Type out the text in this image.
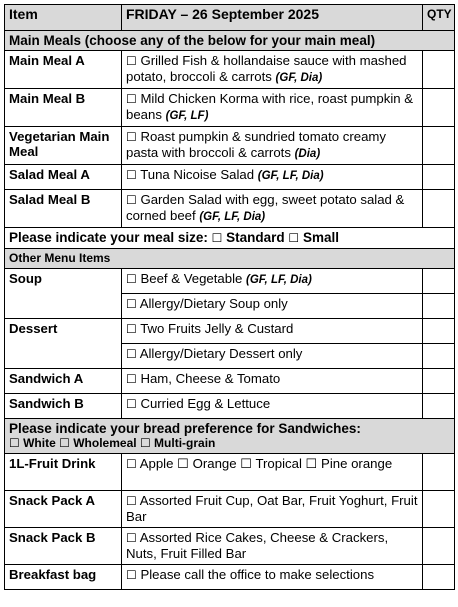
Item	FRIDAY – 26 September 2025	QTY
Main Meals (choose any of the below for your main meal)		
Main Meal A	☐ Grilled Fish & hollandaise sauce with mashed potato, broccoli & carrots (GF, Dia)	
Main Meal B	☐ Mild Chicken Korma with rice, roast pumpkin & beans (GF, LF)	
Vegetarian Main Meal	☐ Roast pumpkin & sundried tomato creamy pasta with broccoli & carrots (Dia)	
Salad Meal A	☐ Tuna Nicoise Salad (GF, LF, Dia)	
Salad Meal B	☐ Garden Salad with egg, sweet potato salad & corned beef (GF, LF, Dia)	
Please indicate your meal size: ☐ Standard ☐ Small		
Other Menu Items		
Soup	☐ Beef & Vegetable (GF, LF, Dia)	
	☐ Allergy/Dietary Soup only	
Dessert	☐ Two Fruits Jelly & Custard	
	☐ Allergy/Dietary Dessert only	
Sandwich A	☐ Ham, Cheese & Tomato	
Sandwich B	☐ Curried Egg & Lettuce	

Please indicate your bread preference for Sandwiches:
☐ White ☐ Wholemeal ☐ Multi-grain		

1L-Fruit Drink	☐ Apple ☐ Orange ☐ Tropical ☐ Pine orange	
Snack Pack A	☐ Assorted Fruit Cup, Oat Bar, Fruit Yoghurt, Fruit Bar	
Snack Pack B	☐ Assorted Rice Cakes, Cheese & Crackers, Nuts, Fruit Filled Bar	
Breakfast bag	☐ Please call the office to make selections	
